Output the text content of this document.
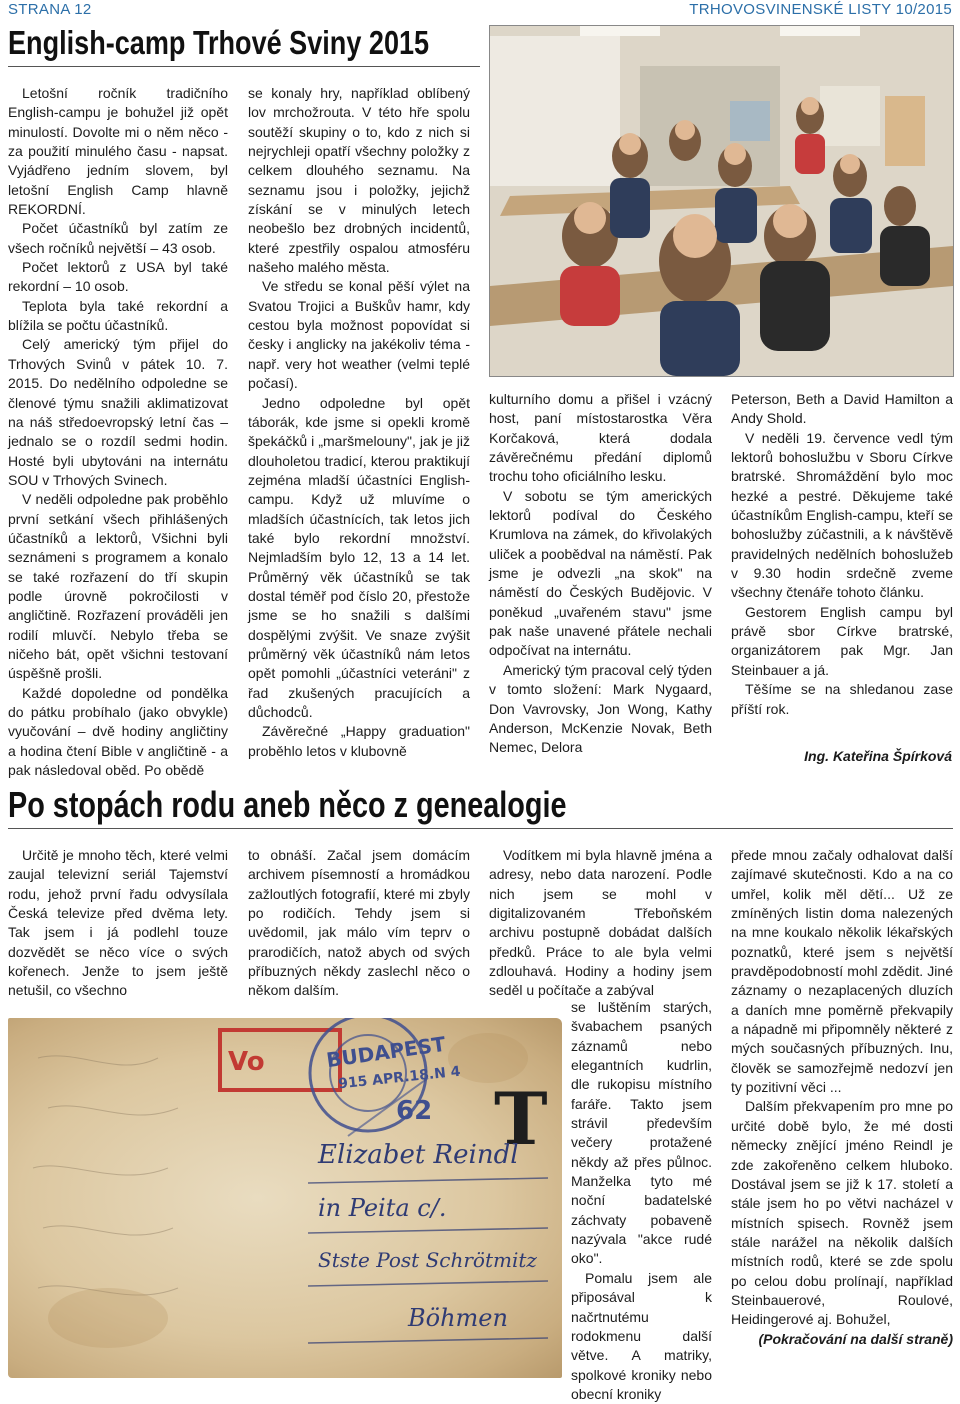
STRANA 12	TRHOVOSVINENSKÉ LISTY 10/2015
English-camp Trhové Sviny 2015

Letošní ročník tradičního English-campu je bohužel již opět minulostí. Dovolte mi o něm něco - za použití minulého času - napsat. Vyjádřeno jedním slovem, byl letošní English Camp hlavně REKORDNÍ.

Počet účastníků byl zatím ze všech ročníků největší – 43 osob.

Počet lektorů z USA byl také rekordní – 10 osob.

Teplota byla také rekordní a blížila se počtu účastníků.

Celý americký tým přijel do Trhových Svinů v pátek 10. 7. 2015. Do nedělního odpoledne se členové týmu snažili aklimatizovat na náš středoevropský letní čas – jednalo se o rozdíl sedmi hodin. Hosté byli ubytováni na internátu SOU v Trhových Svinech.

V neděli odpoledne pak proběhlo první setkání všech přihlášených účastníků a lektorů, Všichni byli seznámeni s programem a konalo se také rozřazení do tří skupin podle úrovně pokročilosti v angličtině. Rozřazení prováděli jen rodilí mluvčí. Nebylo třeba se ničeho bát, opět všichni testovaní úspěšně prošli.

Každé dopoledne od pondělka do pátku probíhalo (jako obvykle) vyučování – dvě hodiny angličtiny a hodina čtení Bible v angličtině - a pak následoval oběd. Po obědě

se konaly hry, například oblíbený lov mrchožrouta. V této hře spolu soutěží skupiny o to, kdo z nich si nejrychleji opatří všechny položky z celkem dlouhého seznamu. Na seznamu jsou i položky, jejichž získání se v minulých letech neobešlo bez drobných incidentů, které zpestřily ospalou atmosféru našeho malého města.

Ve středu se konal pěší výlet na Svatou Trojici a Buškův hamr, kdy cestou byla možnost popovídat si česky i anglicky na jakékoliv téma - např. very hot weather (velmi teplé počasí).

Jedno odpoledne byl opět táborák, kde jsme si opekli kromě špekáčků i „maršmelouny", jak je již dlouholetou tradicí, kterou praktikují zejména mladší účastníci English-campu. Když už mluvíme o mladších účastnících, tak letos jich také bylo rekordní množství. Nejmladším bylo 12, 13 a 14 let. Průměrný věk účastníků se tak dostal téměř pod číslo 20, přestože jsme se ho snažili s dalšími dospělými zvýšit. Ve snaze zvýšit průměrný věk účastníků nám letos opět pomohli „účastníci veteráni" z řad zkušených pracujících a důchodců.

Závěrečné „Happy graduation" proběhlo letos v klubovně

kulturního domu a přišel i vzácný host, paní místostarostka Věra Korčaková, která dodala závěrečnému předání diplomů trochu toho oficiálního lesku.

V sobotu se tým amerických lektorů podíval do Českého Krumlova na zámek, do křivolakých uliček a poobědval na náměstí. Pak jsme je odvezli „na skok" na náměstí do Českých Budějovic. V poněkud „uvařeném stavu" jsme pak naše unavené přátele nechali odpočívat na internátu.

Americký tým pracoval celý týden v tomto složení: Mark Nygaard, Don Vavrovsky, Jon Wong, Kathy Anderson, McKenzie Novak, Beth Nemec, Delora

Peterson, Beth a David Hamilton a Andy Shold.

V neděli 19. července vedl tým lektorů bohoslužbu v Sboru Církve bratrské. Shromáždění bylo moc hezké a pestré. Děkujeme také účastníkům English-campu, kteří se bohoslužby zúčastnili, a k návštěvě pravidelných nedělních bohoslužeb v 9.30 hodin srdečně zveme všechny čtenáře tohoto článku.

Gestorem English campu byl právě sbor Církve bratrské, organizátorem pak Mgr. Jan Steinbauer a já.

Těšíme se na shledanou zase příští rok.

Ing. Kateřina Špírková
Po stopách rodu aneb něco z genealogie

Určitě je mnoho těch, které velmi zaujal televizní seriál Tajemství rodu, jehož první řadu odvysílala Česká televize před dvěma lety. Tak jsem i já podlehl touze dozvědět se něco více o svých kořenech. Jenže to jsem ještě netušil, co všechno

to obnáší. Začal jsem domácím archivem písemností a hromádkou zažloutlých fotografií, které mi zbyly po rodičích. Tehdy jsem si uvědomil, jak málo vím teprv o prarodičích, natož abych od svých příbuzných někdy zaslechl něco o někom dalším.

Vodítkem mi byla hlavně jména a adresy, nebo data narození. Podle nich jsem se mohl v digitalizovaném Třeboňském archivu postupně dobádat dalších předků. Práce to ale byla velmi zdlouhavá. Hodiny a hodiny jsem seděl u počítače a zabýval

se luštěním starých, švabachem psaných záznamů nebo elegantních kudrlin, dle rukopisu místního faráře. Takto jsem strávil především večery protažené někdy až přes půlnoc. Manželka tyto mé noční badatelské záchvaty pobaveně nazývala "akce rudé oko".

Pomalu jsem ale připosával k načrtnutému rodokmenu další větve. A matriky, spolkové kroniky nebo obecní kroniky

přede mnou začaly odhalovat další zajímavé skutečnosti. Kdo a na co umřel, kolik měl dětí... Už ze zmíněných listin doma nalezených na mne koukalo několik lékařských poznatků, které jsem s největší pravděpodobností mohl zdědit. Jiné záznamy o nezaplacených dluzích a daních mne poměrně překvapily a nápadně mi připomněly některé z mých současných příbuzných. Inu, člověk se samozřejmě nedozví jen ty pozitivní věci ...

Dalším překvapením pro mne po určité době bylo, že mé dosti německy znějící jméno Reindl je zde zakořeněno celkem hluboko. Dostával jsem se již k 17. století a stále jsem ho po větvi nacházel v místních spisech. Rovněž jsem stále narážel na několik dalších místních rodů, které se zde spolu po celou dobu prolínají, například Steinbauerové, Roulové, Heidingerové aj. Bohužel,

(Pokračování na další straně)

Vo	BUDAPEST
915 APR.18.N 4
62 T
Elizabet Reindl
in Peita c/.
Stste Post Schrötmitz
Böhmen
